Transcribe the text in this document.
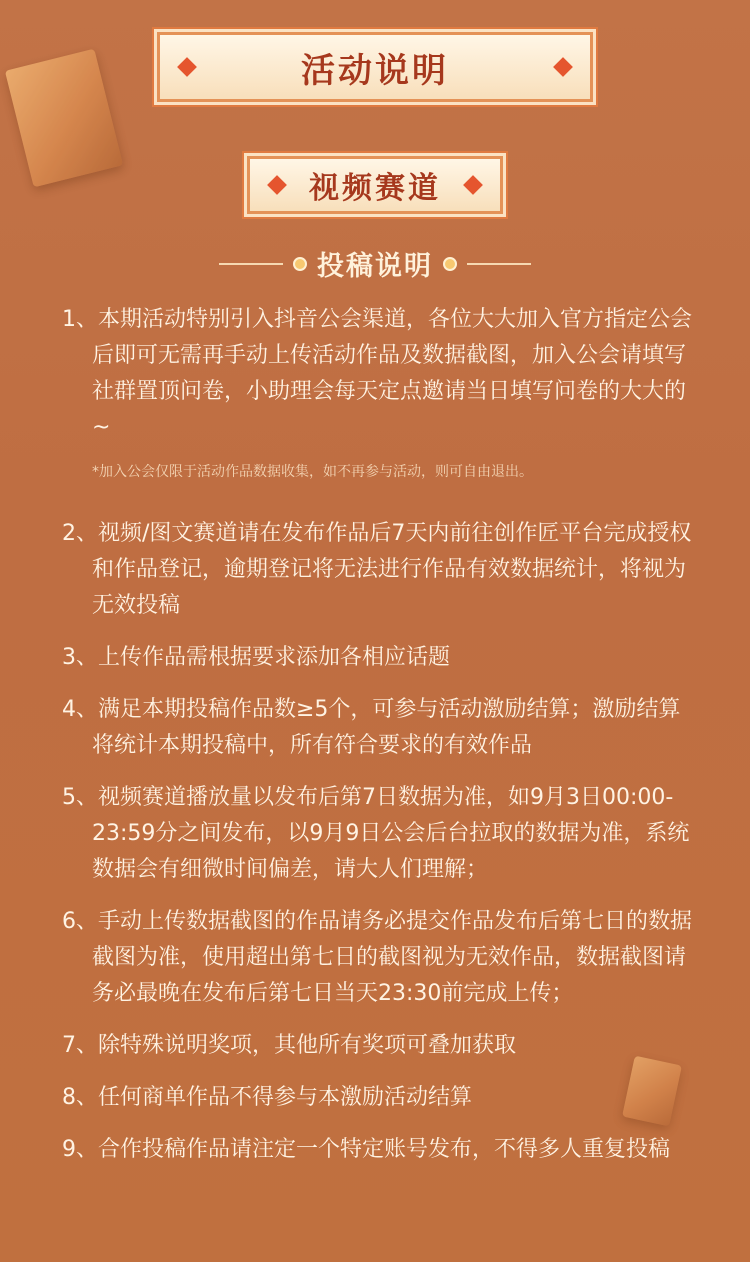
活动说明
视频赛道
投稿说明
1、本期活动特别引入抖音公会渠道，各位大大加入官方指定公会后即可无需再手动上传活动作品及数据截图，加入公会请填写社群置顶问卷，小助理会每天定点邀请当日填写问卷的大大的~
*加入公会仅限于活动作品数据收集，如不再参与活动，则可自由退出。
2、视频/图文赛道请在发布作品后7天内前往创作匠平台完成授权和作品登记，逾期登记将无法进行作品有效数据统计，将视为无效投稿
3、上传作品需根据要求添加各相应话题
4、满足本期投稿作品数≥5个，可参与活动激励结算；激励结算将统计本期投稿中，所有符合要求的有效作品
5、视频赛道播放量以发布后第7日数据为准，如9月3日00:00-23:59分之间发布，以9月9日公会后台拉取的数据为准，系统数据会有细微时间偏差，请大人们理解；
6、手动上传数据截图的作品请务必提交作品发布后第七日的数据截图为准，使用超出第七日的截图视为无效作品，数据截图请务必最晚在发布后第七日当天23:30前完成上传；
7、除特殊说明奖项，其他所有奖项可叠加获取
8、任何商单作品不得参与本激励活动结算
9、合作投稿作品请注定一个特定账号发布，不得多人重复投稿
